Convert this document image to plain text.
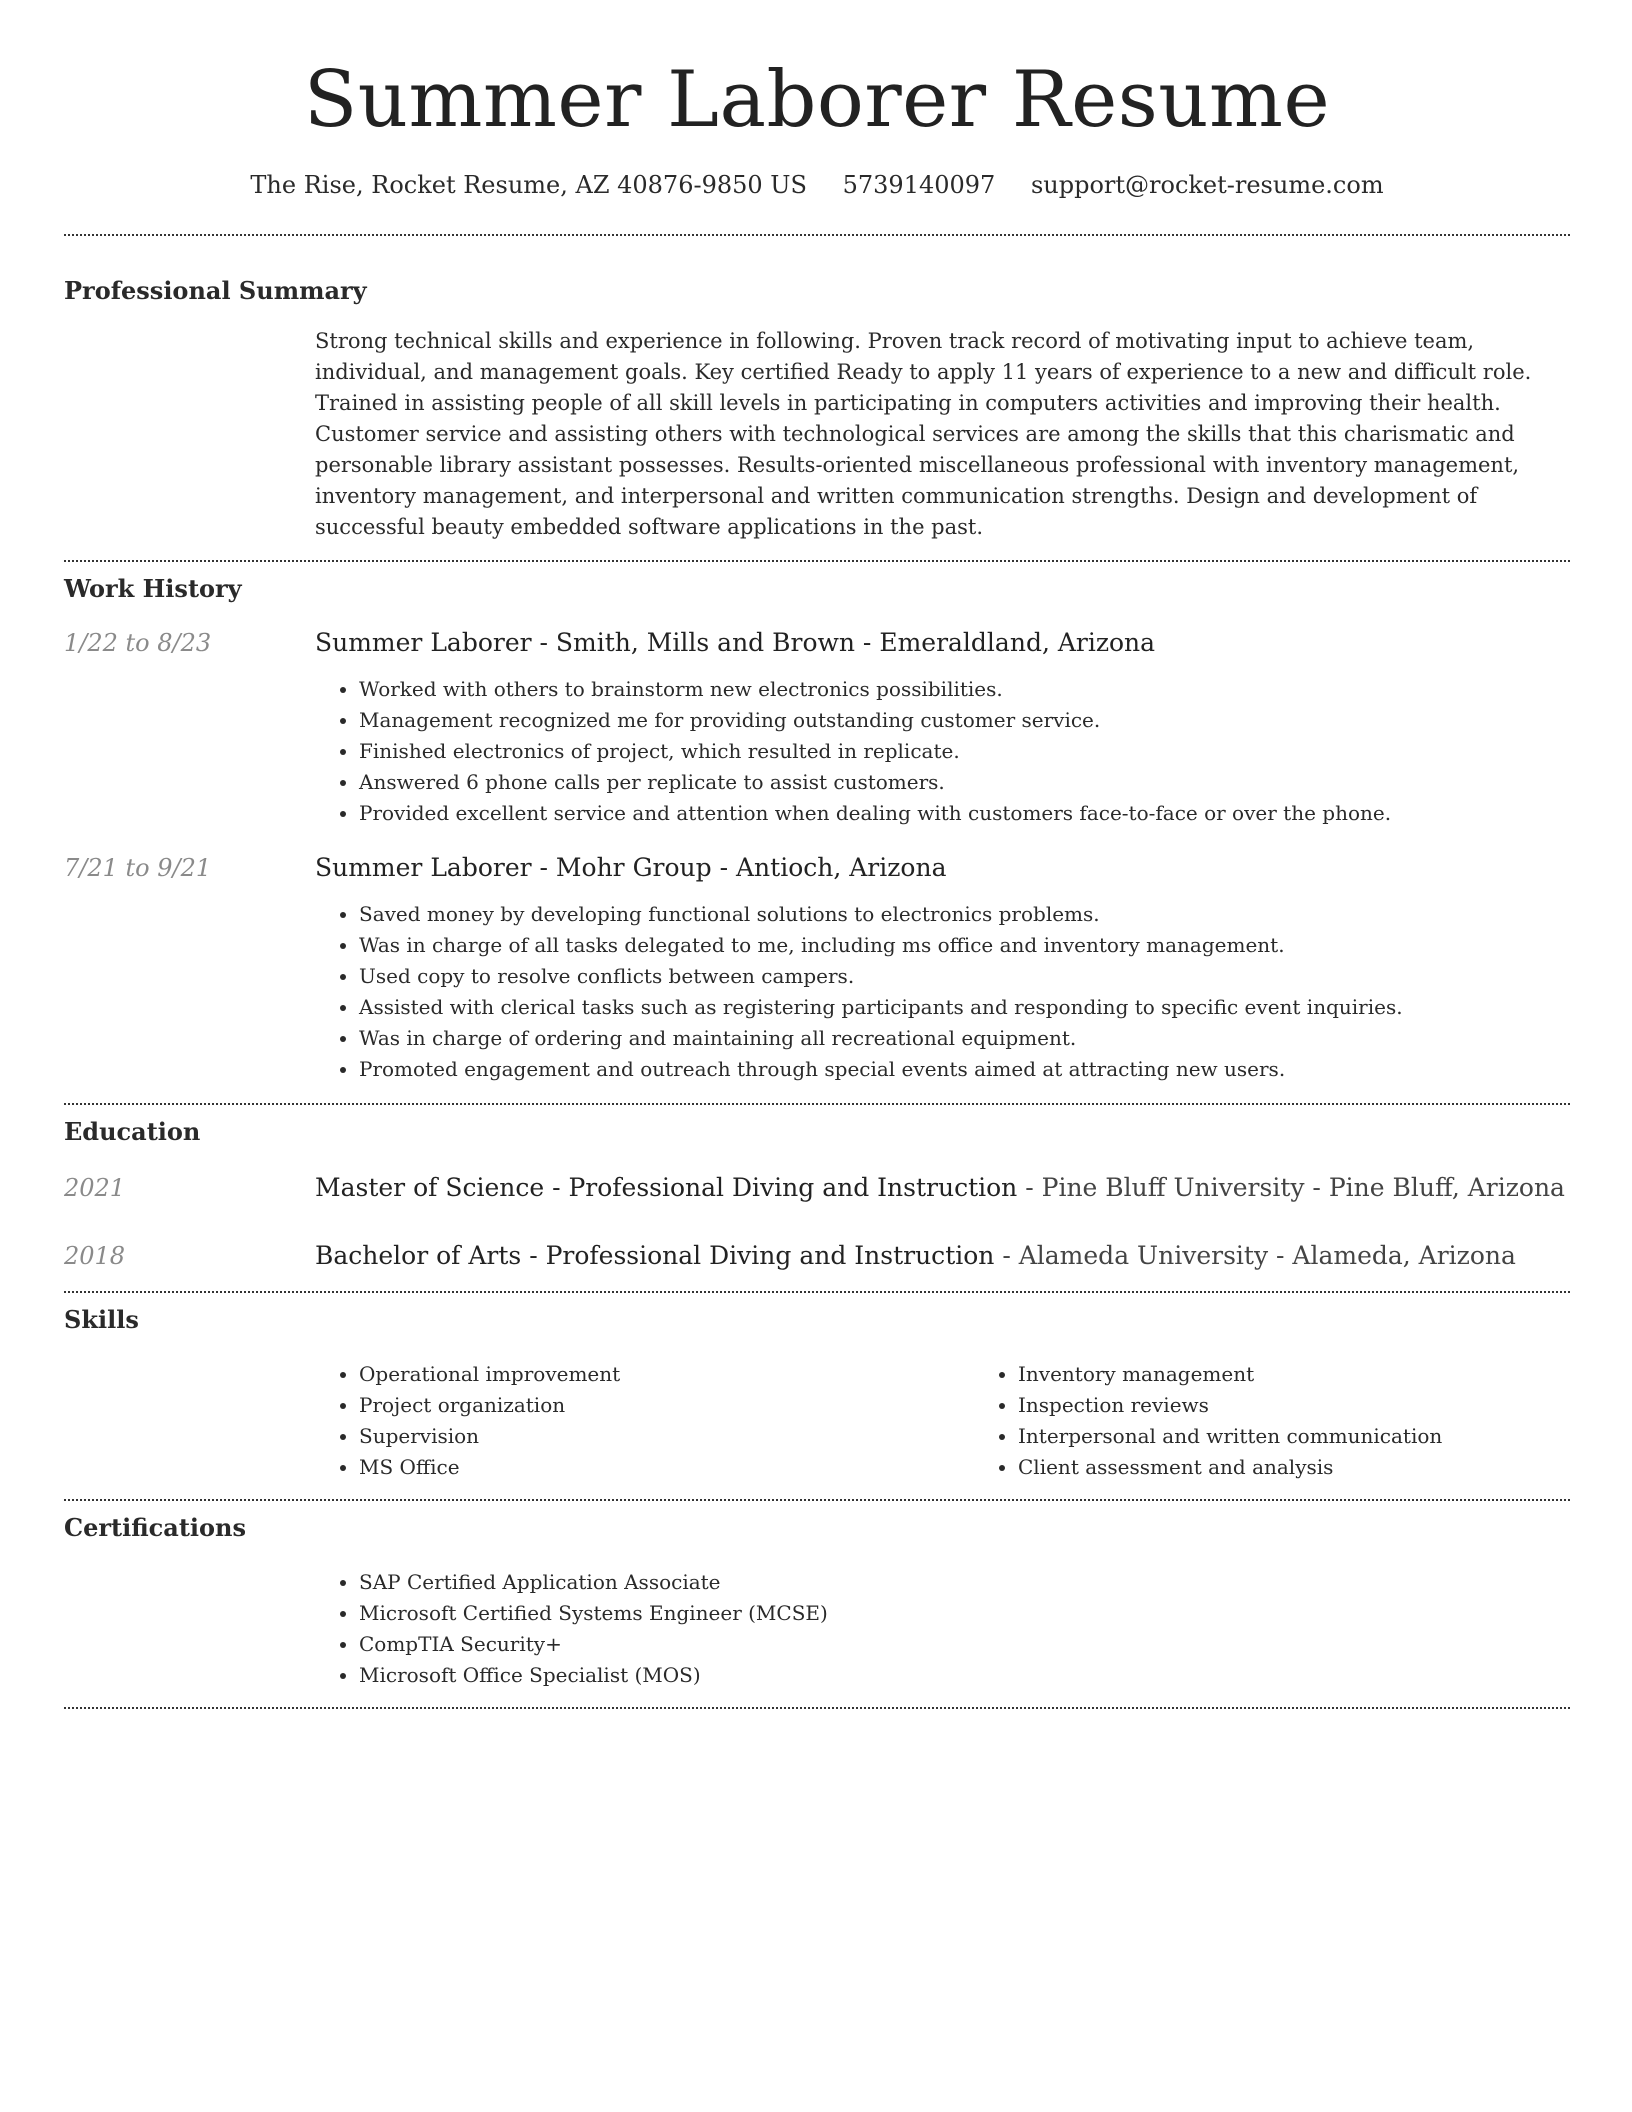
Summer Laborer Resume
The Rise, Rocket Resume, AZ 40876-9850 US 5739140097 support@rocket-resume.com
Professional Summary

Strong technical skills and experience in following. Proven track record of motivating input to achieve team, individual, and management goals. Key certified Ready to apply 11 years of experience to a new and difficult role. Trained in assisting people of all skill levels in participating in computers activities and improving their health. Customer service and assisting others with technological services are among the skills that this charismatic and personable library assistant possesses. Results-oriented miscellaneous professional with inventory management, inventory management, and interpersonal and written communication strengths. Design and development of successful beauty embedded software applications in the past.

Work History
1/22 to 8/23	Summer Laborer - Smith, Mills and Brown - Emeraldland, Arizona

• Worked with others to brainstorm new electronics possibilities.
• Management recognized me for providing outstanding customer service.
• Finished electronics of project, which resulted in replicate.
• Answered 6 phone calls per replicate to assist customers.
• Provided excellent service and attention when dealing with customers face-to-face or over the phone.
7/21 to 9/21	Summer Laborer - Mohr Group - Antioch, Arizona

• Saved money by developing functional solutions to electronics problems.
• Was in charge of all tasks delegated to me, including ms office and inventory management.
• Used copy to resolve conflicts between campers.
• Assisted with clerical tasks such as registering participants and responding to specific event inquiries.
• Was in charge of ordering and maintaining all recreational equipment.
• Promoted engagement and outreach through special events aimed at attracting new users.
Education
2021	Master of Science - Professional Diving and Instruction - Pine Bluff University - Pine Bluff, Arizona
2018	Bachelor of Arts - Professional Diving and Instruction - Alameda University - Alameda, Arizona
Skills
• Operational improvement
• Project organization
• Supervision
• MS Office
• Inventory management
• Inspection reviews
• Interpersonal and written communication
• Client assessment and analysis
Certifications
• SAP Certified Application Associate
• Microsoft Certified Systems Engineer (MCSE)
• CompTIA Security+
• Microsoft Office Specialist (MOS)
